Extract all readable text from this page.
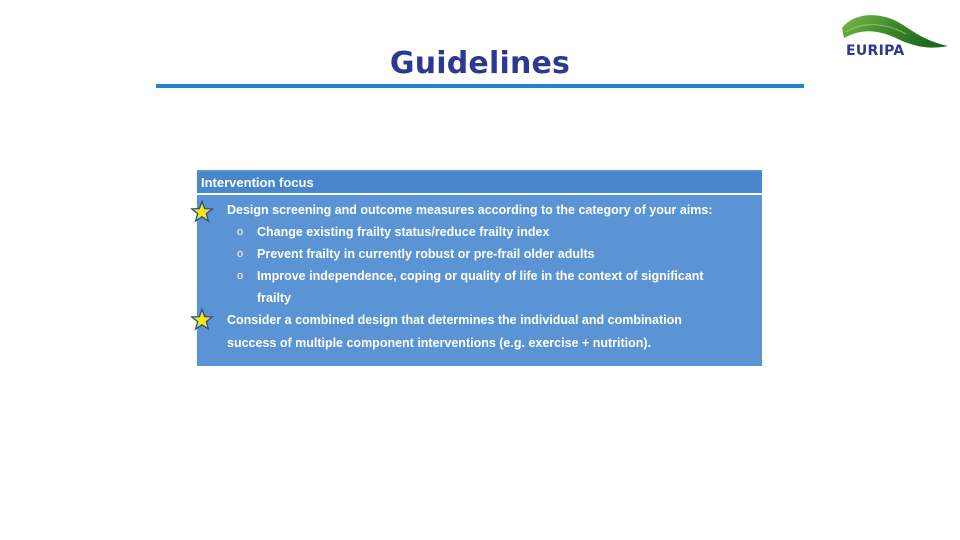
Guidelines	EURIPA
Intervention focus
Design screening and outcome measures according to the category of your aims:
o Change existing frailty status/reduce frailty index
o Prevent frailty in currently robust or pre-frail older adults
o Improve independence, coping or quality of life in the context of significant
frailty
Consider a combined design that determines the individual and combination
success of multiple component interventions (e.g. exercise + nutrition).
